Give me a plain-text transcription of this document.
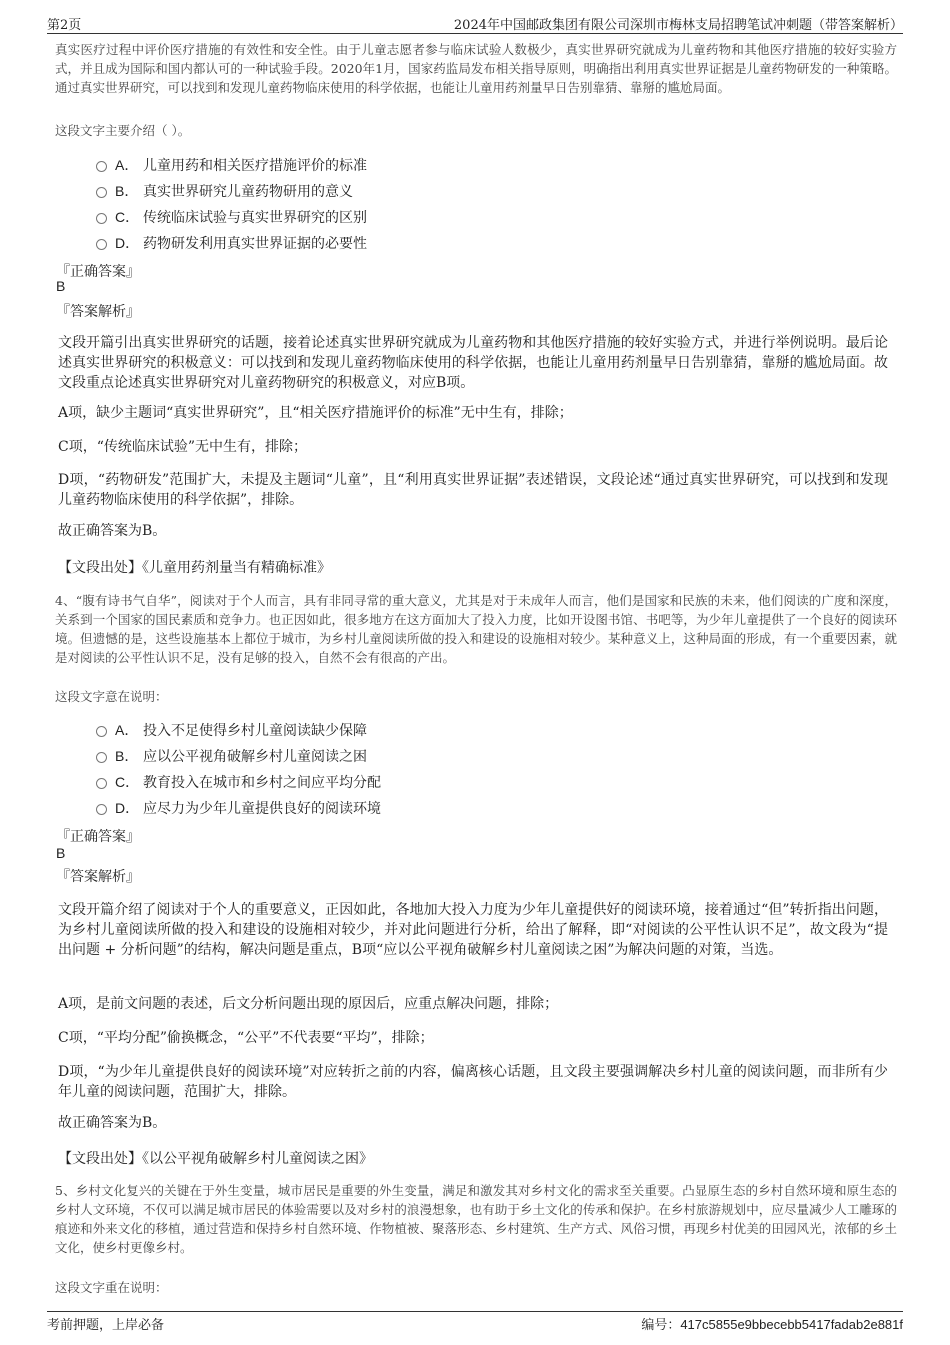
第2页	2024年中国邮政集团有限公司深圳市梅林支局招聘笔试冲刺题（带答案解析）

真实医疗过程中评价医疗措施的有效性和安全性。由于儿童志愿者参与临床试验人数极少，真实世界研究就成为儿童药物和其他医疗措施的较好实验方式，并且成为国际和国内都认可的一种试验手段。2020年1月，国家药监局发布相关指导原则，明确指出利用真实世界证据是儿童药物研发的一种策略。通过真实世界研究，可以找到和发现儿童药物临床使用的科学依据，也能让儿童用药剂量早日告别靠猜、靠掰的尴尬局面。

这段文字主要介绍（ ）。

A． 儿童用药和相关医疗措施评价的标准
B． 真实世界研究儿童药物研用的意义
C． 传统临床试验与真实世界研究的区别
D． 药物研发利用真实世界证据的必要性
『正确答案』
B
『答案解析』

文段开篇引出真实世界研究的话题，接着论述真实世界研究就成为儿童药物和其他医疗措施的较好实验方式，并进行举例说明。最后论述真实世界研究的积极意义：可以找到和发现儿童药物临床使用的科学依据，也能让儿童用药剂量早日告别靠猜，靠掰的尴尬局面。故文段重点论述真实世界研究对儿童药物研究的积极意义，对应B项。

A项，缺少主题词“真实世界研究”，且“相关医疗措施评价的标准”无中生有，排除；

C项，“传统临床试验”无中生有，排除；

D项，“药物研发”范围扩大，未提及主题词“儿童”，且“利用真实世界证据”表述错误，文段论述“通过真实世界研究，可以找到和发现儿童药物临床使用的科学依据”，排除。

故正确答案为B。

【文段出处】《儿童用药剂量当有精确标准》

4、“腹有诗书气自华”，阅读对于个人而言，具有非同寻常的重大意义，尤其是对于未成年人而言，他们是国家和民族的未来，他们阅读的广度和深度，关系到一个国家的国民素质和竞争力。也正因如此，很多地方在这方面加大了投入力度，比如开设图书馆、书吧等，为少年儿童提供了一个良好的阅读环境。但遗憾的是，这些设施基本上都位于城市，为乡村儿童阅读所做的投入和建设的设施相对较少。某种意义上，这种局面的形成，有一个重要因素，就是对阅读的公平性认识不足，没有足够的投入，自然不会有很高的产出。

这段文字意在说明：

A． 投入不足使得乡村儿童阅读缺少保障
B． 应以公平视角破解乡村儿童阅读之困
C． 教育投入在城市和乡村之间应平均分配
D． 应尽力为少年儿童提供良好的阅读环境
『正确答案』
B
『答案解析』

文段开篇介绍了阅读对于个人的重要意义，正因如此，各地加大投入力度为少年儿童提供好的阅读环境，接着通过“但”转折指出问题，为乡村儿童阅读所做的投入和建设的设施相对较少，并对此问题进行分析，给出了解释，即“对阅读的公平性认识不足”，故文段为“提出问题 + 分析问题”的结构，解决问题是重点，B项“应以公平视角破解乡村儿童阅读之困”为解决问题的对策，当选。

A项，是前文问题的表述，后文分析问题出现的原因后，应重点解决问题，排除；

C项，“平均分配”偷换概念，“公平”不代表要“平均”，排除；

D项，“为少年儿童提供良好的阅读环境”对应转折之前的内容，偏离核心话题，且文段主要强调解决乡村儿童的阅读问题，而非所有少年儿童的阅读问题，范围扩大，排除。

故正确答案为B。

【文段出处】《以公平视角破解乡村儿童阅读之困》

5、乡村文化复兴的关键在于外生变量，城市居民是重要的外生变量，满足和激发其对乡村文化的需求至关重要。凸显原生态的乡村自然环境和原生态的乡村人文环境，不仅可以满足城市居民的体验需要以及对乡村的浪漫想象，也有助于乡土文化的传承和保护。在乡村旅游规划中，应尽量减少人工雕琢的痕迹和外来文化的移植，通过营造和保持乡村自然环境、作物植被、聚落形态、乡村建筑、生产方式、风俗习惯，再现乡村优美的田园风光，浓郁的乡土文化，使乡村更像乡村。

这段文字重在说明：

考前押题，上岸必备	编号：417c5855e9bbecebb5417fadab2e881f
